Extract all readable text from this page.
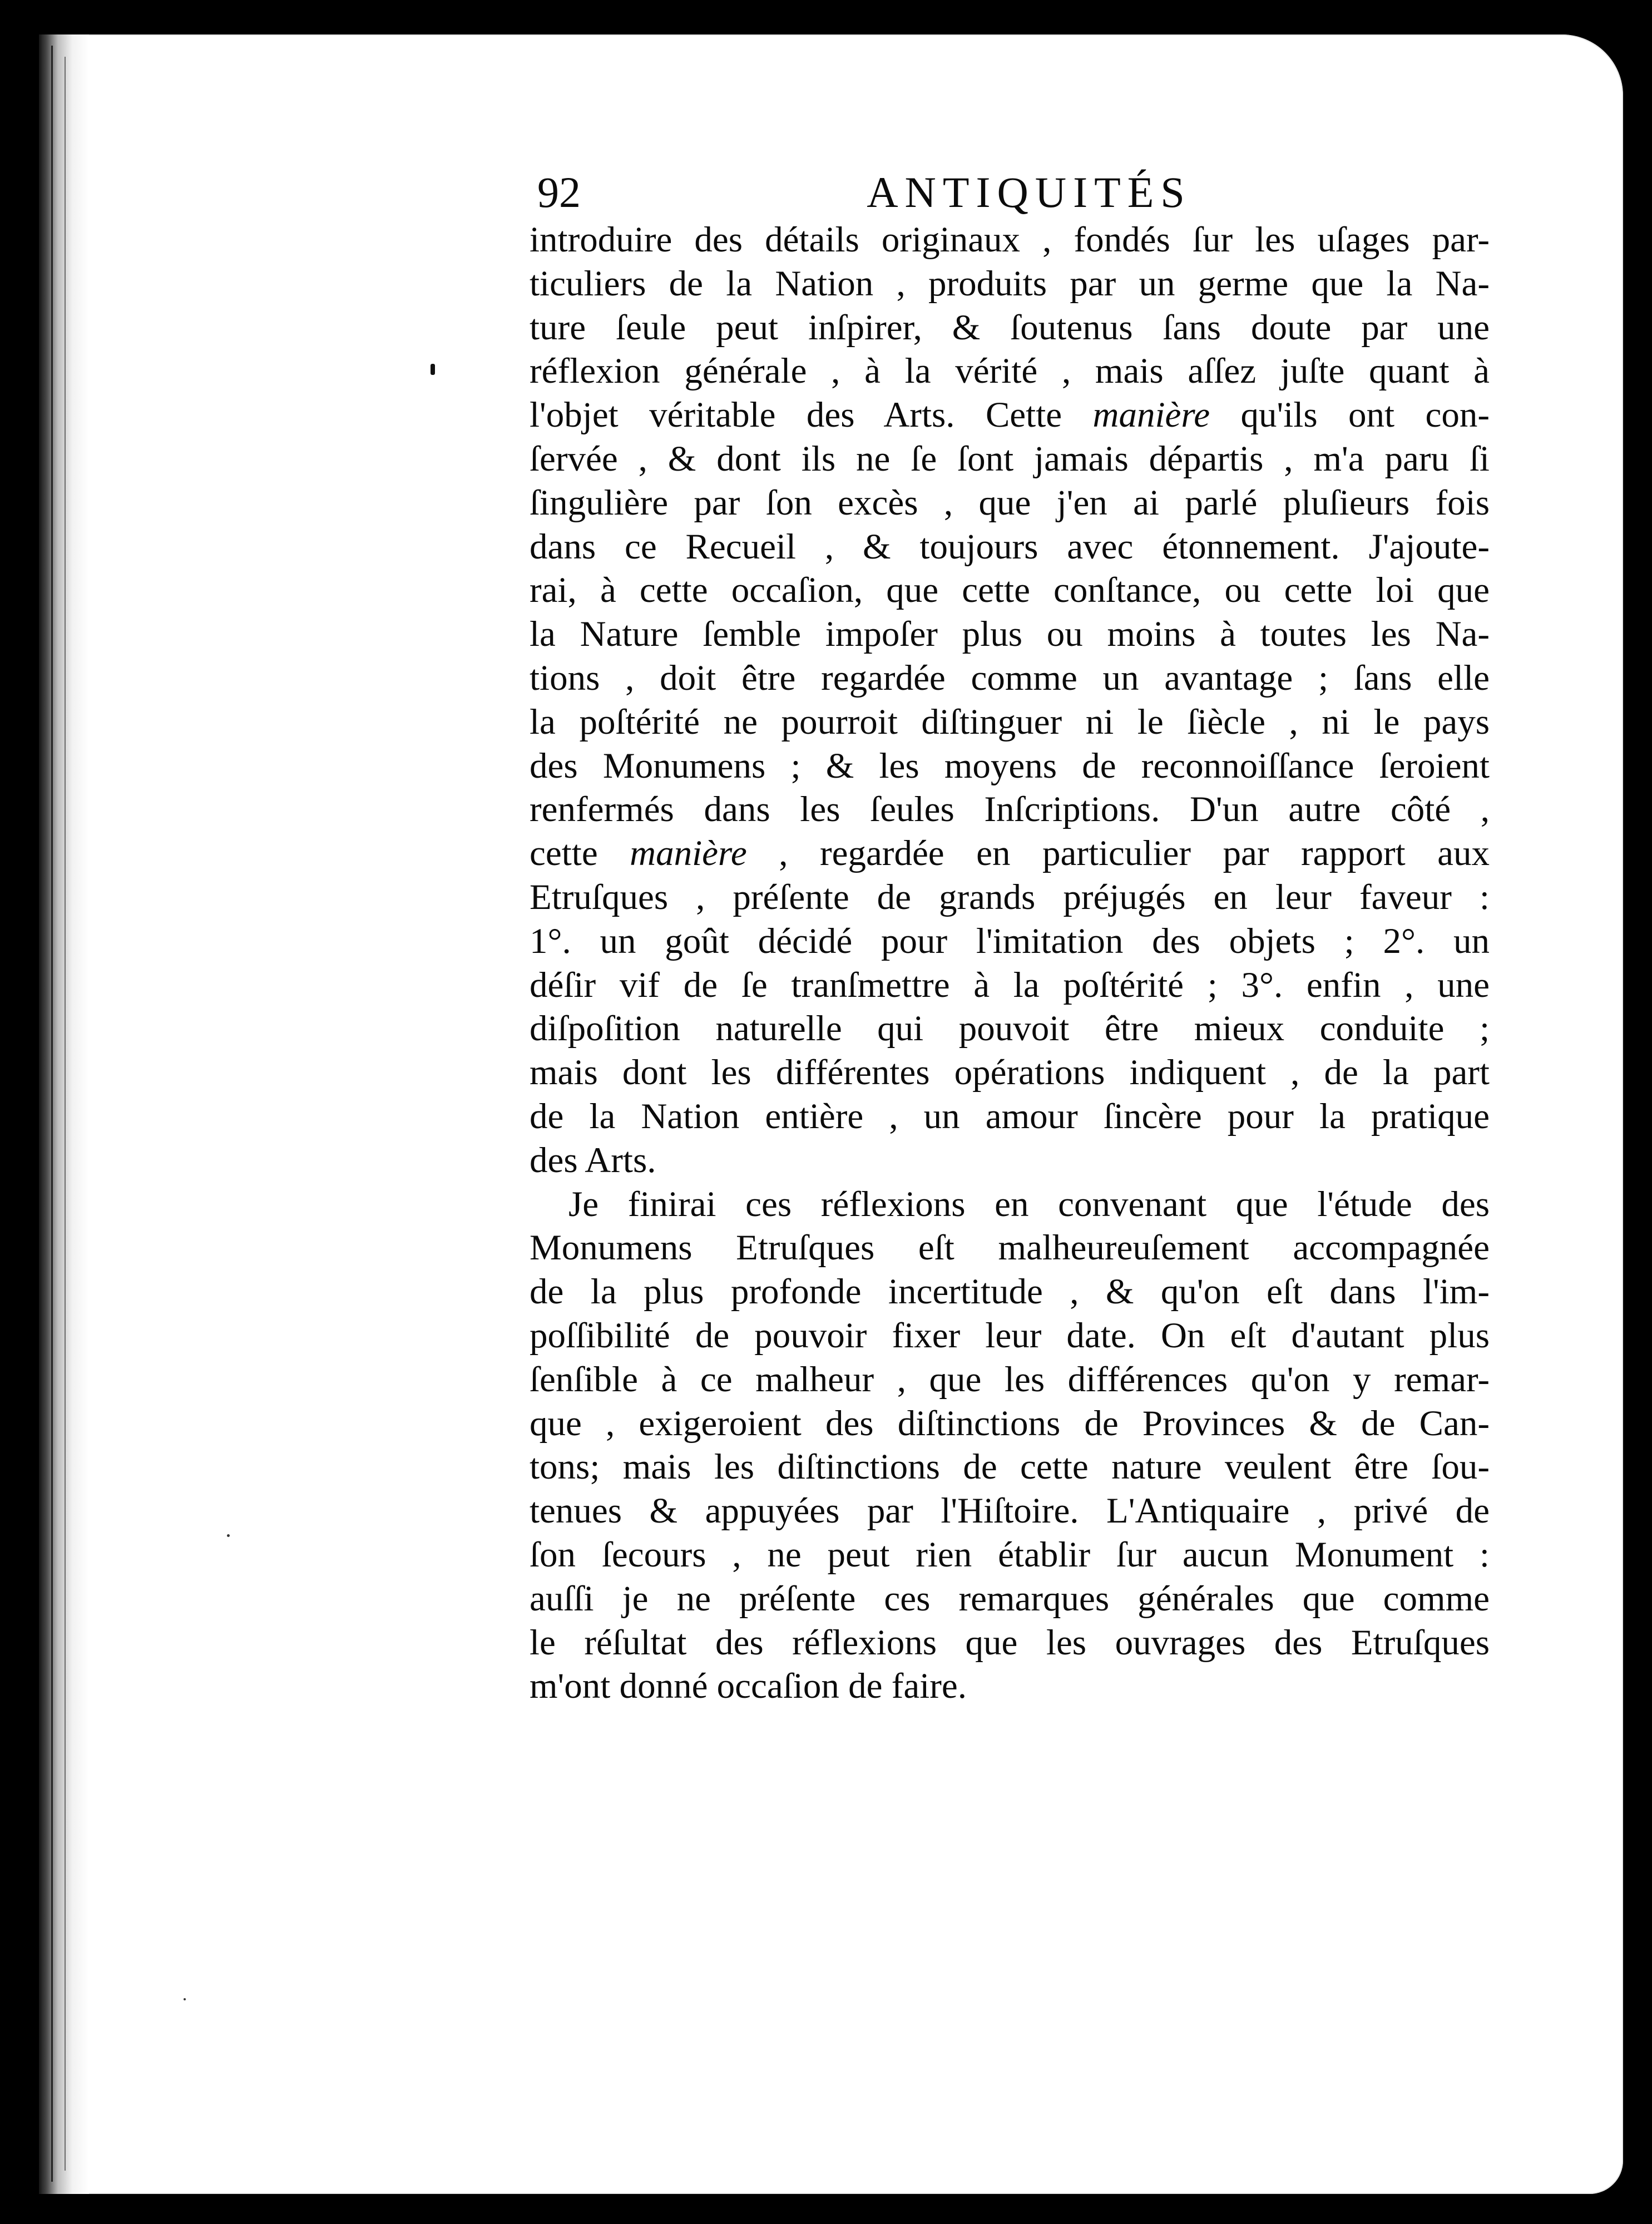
92	ANTIQUITÉS
introduire des détails originaux , fondés ſur les uſages par-
ticuliers de la Nation , produits par un germe que la Na-
ture ſeule peut inſpirer, & ſoutenus ſans doute par une
réflexion générale , à la vérité , mais aſſez juſte quant à
l'objet véritable des Arts. Cette manière qu'ils ont con-
ſervée , & dont ils ne ſe ſont jamais départis , m'a paru ſi
ſingulière par ſon excès , que j'en ai parlé pluſieurs fois
dans ce Recueil , & toujours avec étonnement. J'ajoute-
rai, à cette occaſion, que cette conſtance, ou cette loi que
la Nature ſemble impoſer plus ou moins à toutes les Na-
tions , doit être regardée comme un avantage ; ſans elle
la poſtérité ne pourroit diſtinguer ni le ſiècle , ni le pays
des Monumens ; & les moyens de reconnoiſſance ſeroient
renfermés dans les ſeules Inſcriptions. D'un autre côté ,
cette manière , regardée en particulier par rapport aux
Etruſques , préſente de grands préjugés en leur faveur :
1°. un goût décidé pour l'imitation des objets ; 2°. un
déſir vif de ſe tranſmettre à la poſtérité ; 3°. enfin , une
diſpoſition naturelle qui pouvoit être mieux conduite ;
mais dont les différentes opérations indiquent , de la part
de la Nation entière , un amour ſincère pour la pratique
des Arts.
Je finirai ces réflexions en convenant que l'étude des
Monumens Etruſques eſt malheureuſement accompagnée
de la plus profonde incertitude , & qu'on eſt dans l'im-
poſſibilité de pouvoir fixer leur date. On eſt d'autant plus
ſenſible à ce malheur , que les différences qu'on y remar-
que , exigeroient des diſtinctions de Provinces & de Can-
tons; mais les diſtinctions de cette nature veulent être ſou-
tenues & appuyées par l'Hiſtoire. L'Antiquaire , privé de
ſon ſecours , ne peut rien établir ſur aucun Monument :
auſſi je ne préſente ces remarques générales que comme
le réſultat des réflexions que les ouvrages des Etruſques
m'ont donné occaſion de faire.
